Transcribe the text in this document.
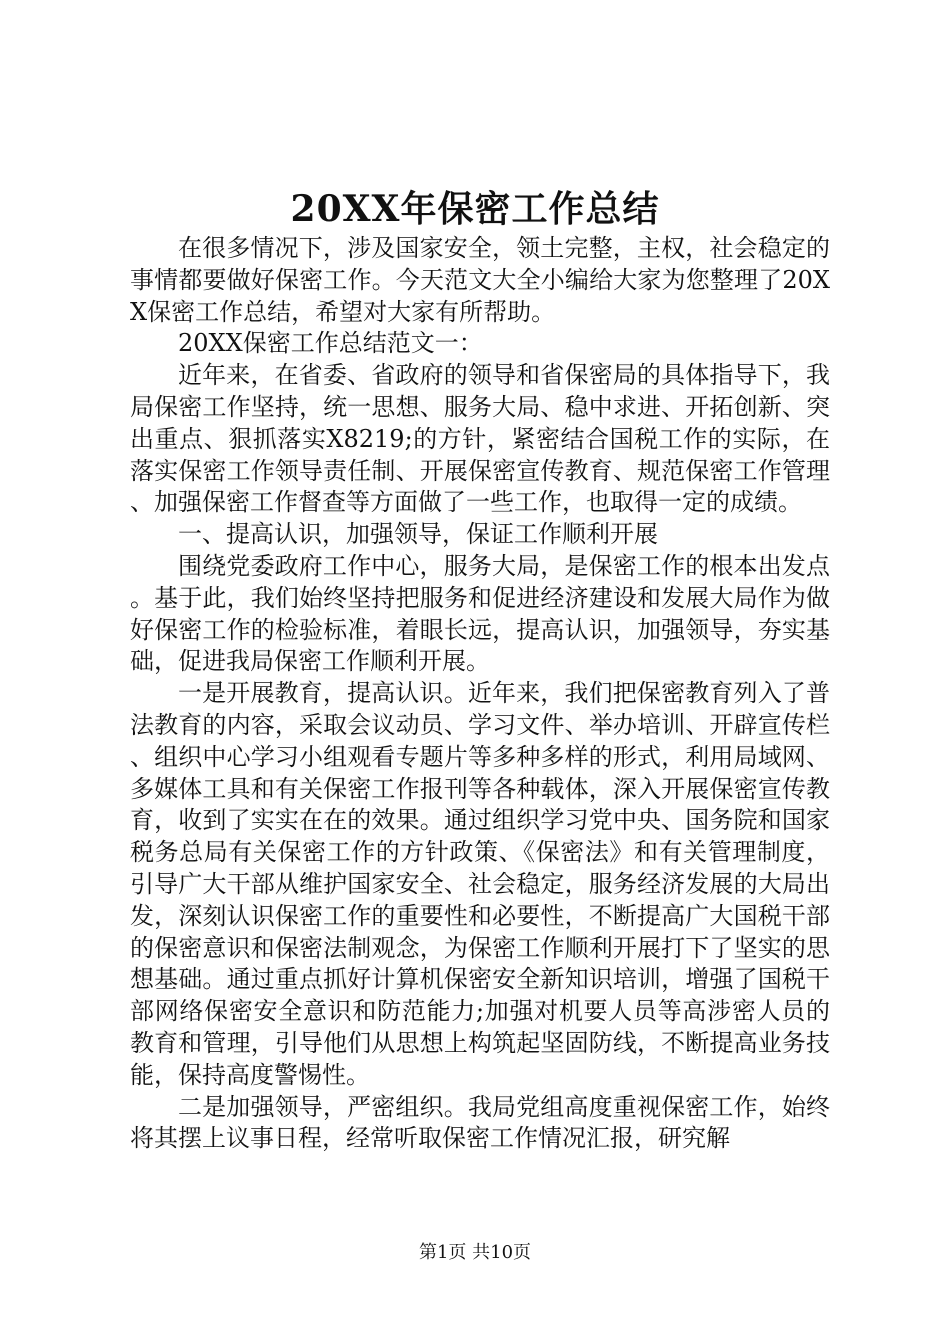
20XX年保密工作总结

在很多情况下，涉及国家安全，领土完整，主权，社会稳定的事情都要做好保密工作。今天范文大全小编给大家为您整理了20XX保密工作总结，希望对大家有所帮助。

20XX保密工作总结范文一：

近年来，在省委、省政府的领导和省保密局的具体指导下，我局保密工作坚持，统一思想、服务大局、稳中求进、开拓创新、突出重点、狠抓落实X8219;的方针，紧密结合国税工作的实际，在落实保密工作领导责任制、开展保密宣传教育、规范保密工作管理、加强保密工作督查等方面做了一些工作，也取得一定的成绩。

一、提高认识，加强领导，保证工作顺利开展

围绕党委政府工作中心，服务大局，是保密工作的根本出发点。基于此，我们始终坚持把服务和促进经济建设和发展大局作为做好保密工作的检验标准，着眼长远，提高认识，加强领导，夯实基础，促进我局保密工作顺利开展。

一是开展教育，提高认识。近年来，我们把保密教育列入了普法教育的内容，采取会议动员、学习文件、举办培训、开辟宣传栏、组织中心学习小组观看专题片等多种多样的形式，利用局域网、多媒体工具和有关保密工作报刊等各种载体，深入开展保密宣传教育，收到了实实在在的效果。通过组织学习党中央、国务院和国家税务总局有关保密工作的方针政策、《保密法》和有关管理制度，引导广大干部从维护国家安全、社会稳定，服务经济发展的大局出发，深刻认识保密工作的重要性和必要性，不断提高广大国税干部的保密意识和保密法制观念，为保密工作顺利开展打下了坚实的思想基础。通过重点抓好计算机保密安全新知识培训，增强了国税干部网络保密安全意识和防范能力;加强对机要人员等高涉密人员的教育和管理，引导他们从思想上构筑起坚固防线，不断提高业务技能，保持高度警惕性。

二是加强领导，严密组织。我局党组高度重视保密工作，始终将其摆上议事日程，经常听取保密工作情况汇报，研究解

第1页 共10页
